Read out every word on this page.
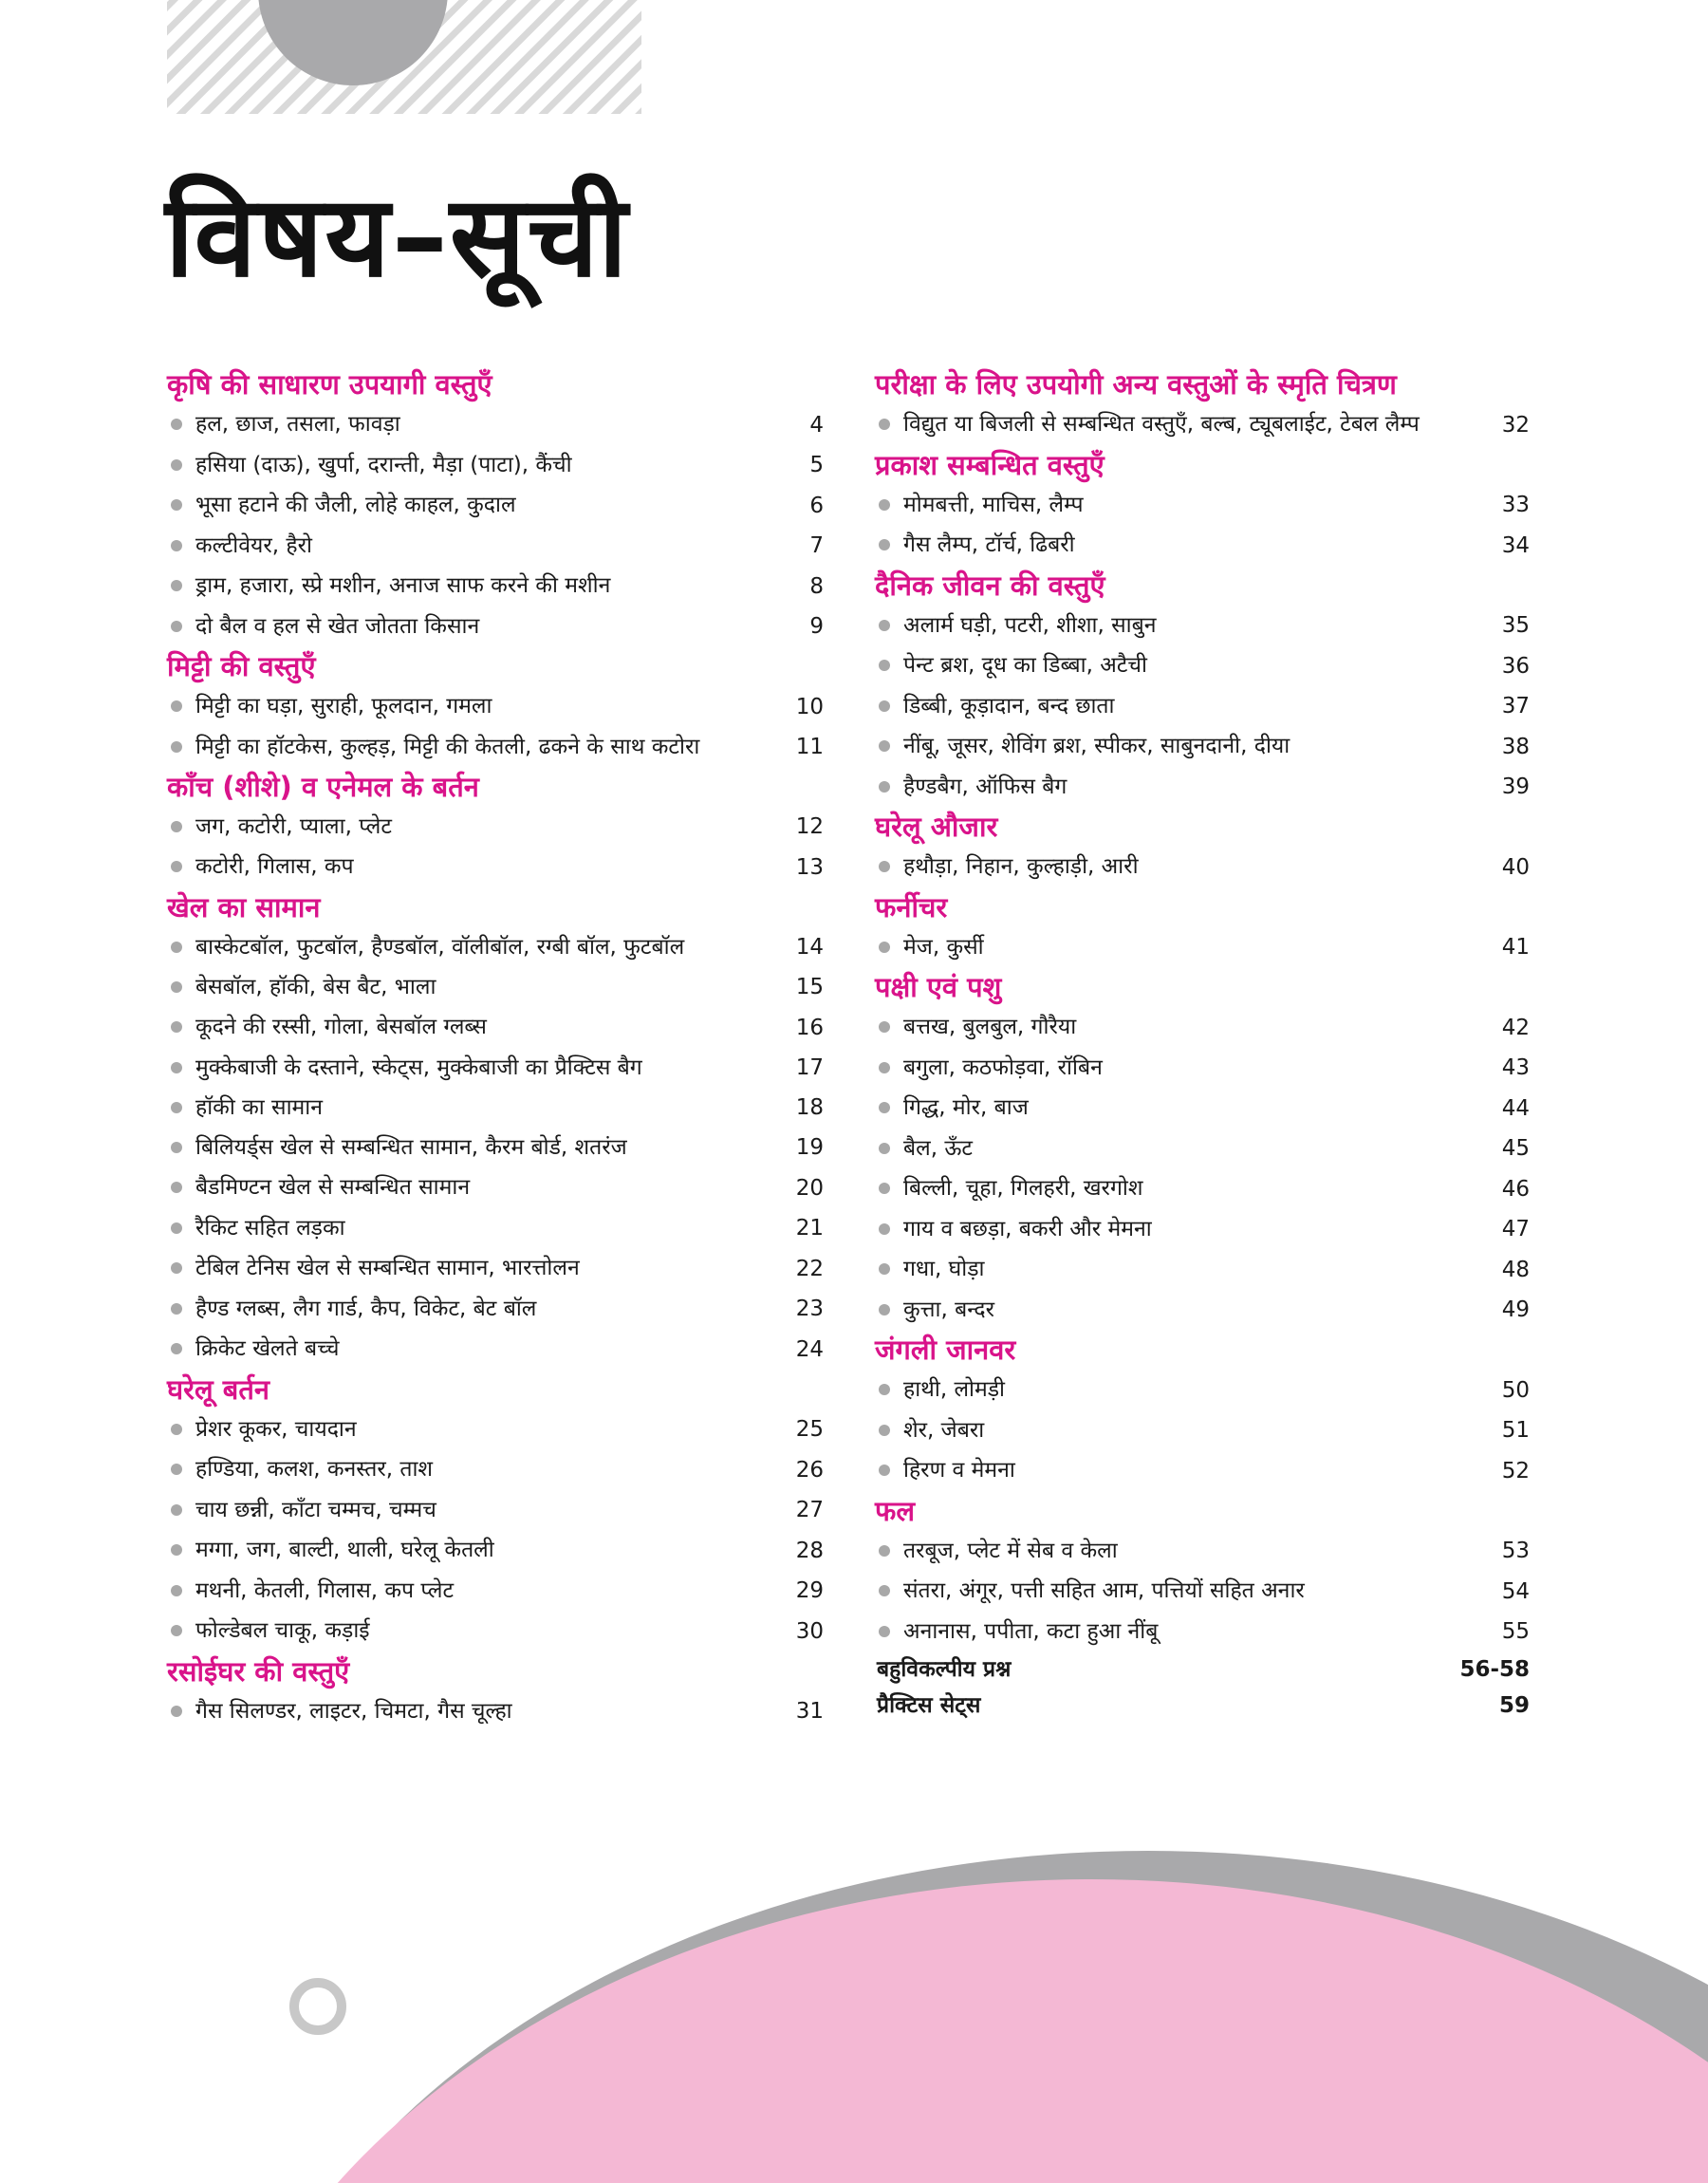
विषय–सूची
कृषि की साधारण उपयागी वस्तुएँ
हल, छाज, तसला, फावड़ा	4
हसिया (दाऊ), खुर्पा, दरान्ती, मैड़ा (पाटा), कैंची	5
भूसा हटाने की जैली, लोहे काहल, कुदाल	6
कल्टीवेयर, हैरो	7
ड्राम, हजारा, स्प्रे मशीन, अनाज साफ करने की मशीन	8
दो बैल व हल से खेत जोतता किसान	9
मिट्टी की वस्तुएँ
मिट्टी का घड़ा, सुराही, फूलदान, गमला	10
मिट्टी का हॉटकेस, कुल्हड़, मिट्टी की केतली, ढकने के साथ कटोरा	11
काँच (शीशे) व एनेमल के बर्तन
जग, कटोरी, प्याला, प्लेट	12
कटोरी, गिलास, कप	13
खेल का सामान
बास्केटबॉल, फुटबॉल, हैण्डबॉल, वॉलीबॉल, रग्बी बॉल, फुटबॉल	14
बेसबॉल, हॉकी, बेस बैट, भाला	15
कूदने की रस्सी, गोला, बेसबॉल ग्लब्स	16
मुक्केबाजी के दस्ताने, स्केट्स, मुक्केबाजी का प्रैक्टिस बैग	17
हॉकी का सामान	18
बिलियर्ड्स खेल से सम्बन्धित सामान, कैरम बोर्ड, शतरंज	19
बैडमिण्टन खेल से सम्बन्धित सामान	20
रैकिट सहित लड़का	21
टेबिल टेनिस खेल से सम्बन्धित सामान, भारत्तोलन	22
हैण्ड ग्लब्स, लैग गार्ड, कैप, विकेट, बेट बॉल	23
क्रिकेट खेलते बच्चे	24
घरेलू बर्तन
प्रेशर कूकर, चायदान	25
हण्डिया, कलश, कनस्तर, ताश	26
चाय छन्नी, काँटा चम्मच, चम्मच	27
मग्गा, जग, बाल्टी, थाली, घरेलू केतली	28
मथनी, केतली, गिलास, कप प्लेट	29
फोल्डेबल चाकू, कड़ाई	30
रसोईघर की वस्तुएँ
गैस सिलण्डर, लाइटर, चिमटा, गैस चूल्हा	31
परीक्षा के लिए उपयोगी अन्य वस्तुओं के स्मृति चित्रण
विद्युत या बिजली से सम्बन्धित वस्तुएँ, बल्ब, ट्यूबलाईट, टेबल लैम्प	32
प्रकाश सम्बन्धित वस्तुएँ
मोमबत्ती, माचिस, लैम्प	33
गैस लैम्प, टॉर्च, ढिबरी	34
दैनिक जीवन की वस्तुएँ
अलार्म घड़ी, पटरी, शीशा, साबुन	35
पेन्ट ब्रश, दूध का डिब्बा, अटैची	36
डिब्बी, कूड़ादान, बन्द छाता	37
नींबू, जूसर, शेविंग ब्रश, स्पीकर, साबुनदानी, दीया	38
हैण्डबैग, ऑफिस बैग	39
घरेलू औजार
हथौड़ा, निहान, कुल्हाड़ी, आरी	40
फर्नीचर
मेज, कुर्सी	41
पक्षी एवं पशु
बत्तख, बुलबुल, गौरैया	42
बगुला, कठफोड़वा, रॉबिन	43
गिद्ध, मोर, बाज	44
बैल, ऊँट	45
बिल्ली, चूहा, गिलहरी, खरगोश	46
गाय व बछड़ा, बकरी और मेमना	47
गधा, घोड़ा	48
कुत्ता, बन्दर	49
जंगली जानवर
हाथी, लोमड़ी	50
शेर, जेबरा	51
हिरण व मेमना	52
फल
तरबूज, प्लेट में सेब व केला	53
संतरा, अंगूर, पत्ती सहित आम, पत्तियों सहित अनार	54
अनानास, पपीता, कटा हुआ नींबू	55
बहुविकल्पीय प्रश्न	56-58
प्रैक्टिस सेट्स	59
